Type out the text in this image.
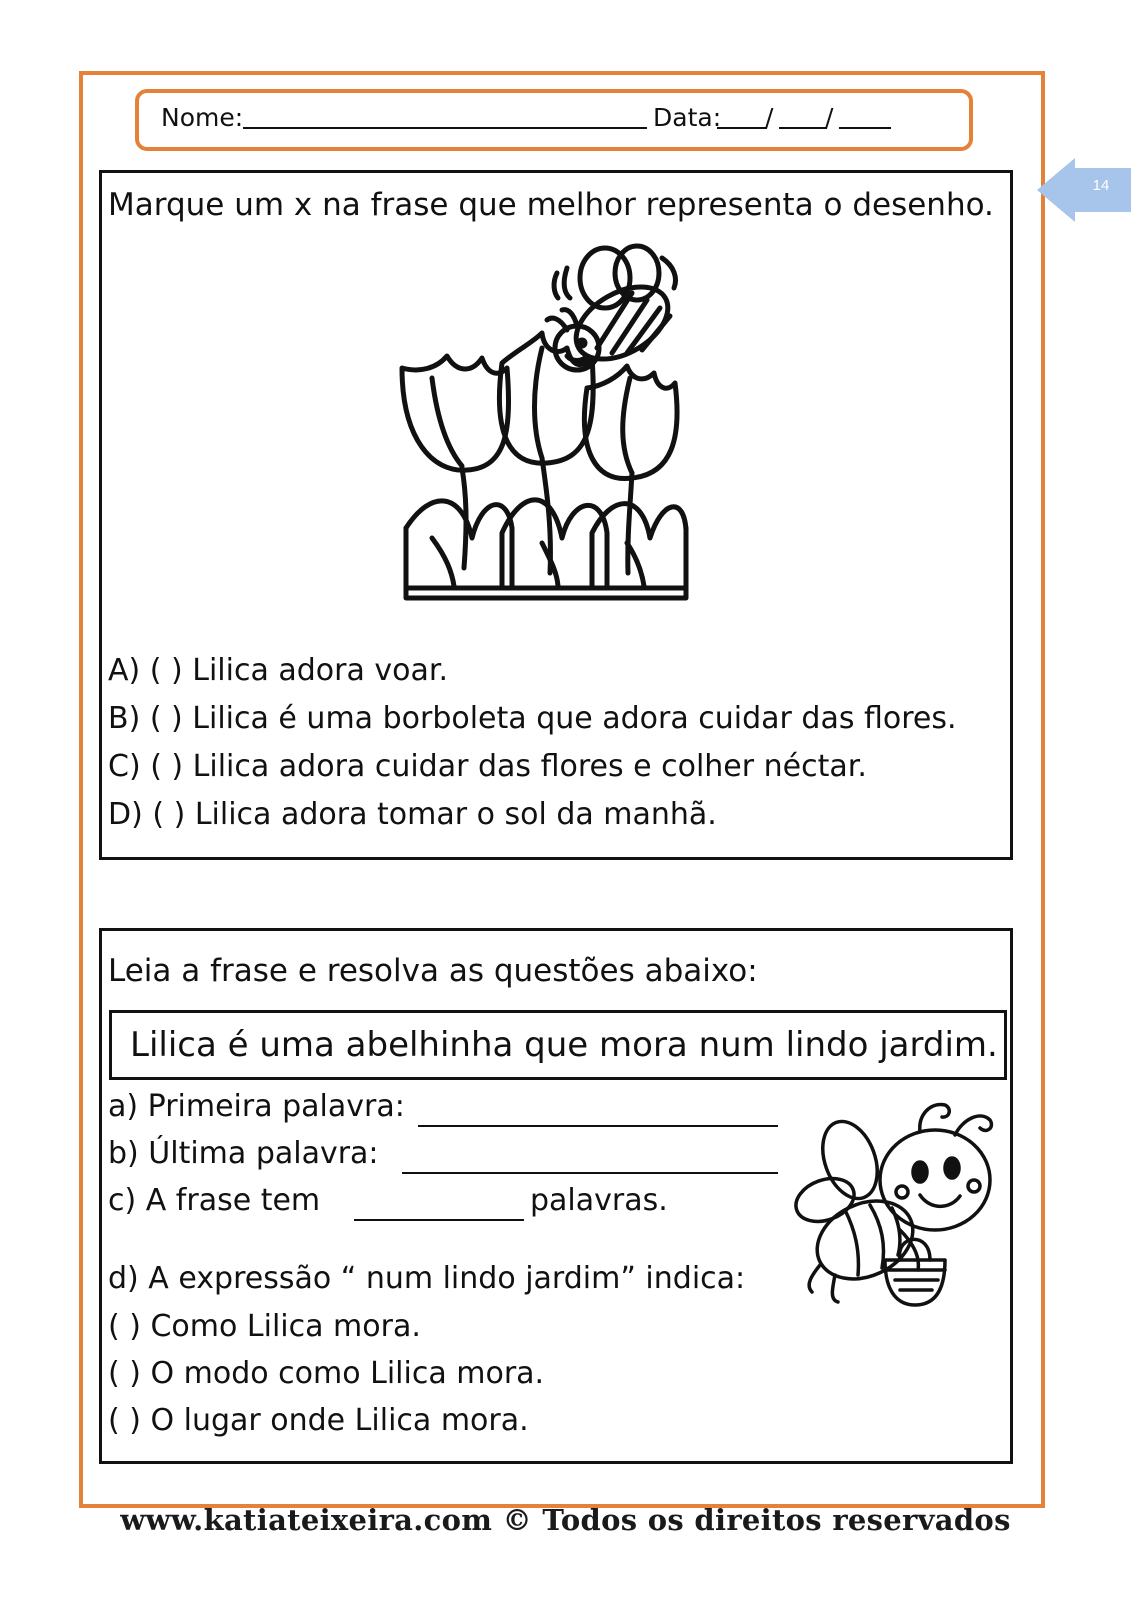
Nome:	Data: / /
14
Marque um x na frase que melhor representa o desenho.
A) ( ) Lilica adora voar.
B) ( ) Lilica é uma borboleta que adora cuidar das flores.
C) ( ) Lilica adora cuidar das flores e colher néctar.
D) ( ) Lilica adora tomar o sol da manhã.
Leia a frase e resolva as questões abaixo:
a) Primeira palavra:
b) Última palavra:
c) A frase tem	palavras.
d) A expressão “ num lindo jardim” indica:
( ) Como Lilica mora.
( ) O modo como Lilica mora.
( ) O lugar onde Lilica mora.
Lilica é uma abelhinha que mora num lindo jardim.
www.katiateixeira.com © Todos os direitos reservados
